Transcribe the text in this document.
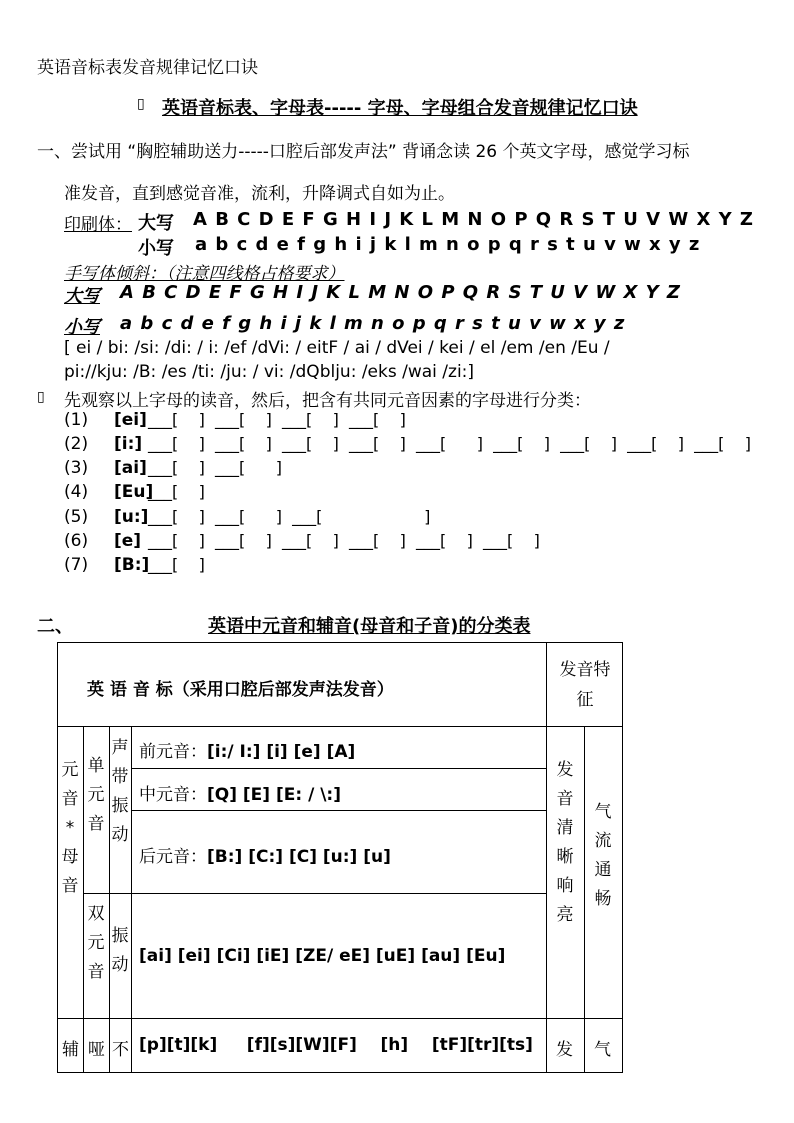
英语音标表发音规律记忆口诀
▯ 英语音标表、字母表----- 字母、字母组合发音规律记忆口诀
一、尝试用 “胸腔辅助送力-----口腔后部发声法” 背诵念读 26 个英文字母，感觉学习标
准发音，直到感觉音准，流利，升降调式自如为止。
印刷体： 大写 A B C D E F G H I J K L M N O P Q R S T U V W X Y Z
小写 a b c d e f g h i j k l m n o p q r s t u v w x y z
手写体倾斜：（注意四线格占格要求）
大写 A B C D E F G H I J K L M N O P Q R S T U V W X Y Z
小写 a b c d e f g h i j k l m n o p q r s t u v w x y z
[ ei / bi: /si: /di: / i: /ef /dVi: / eitF / ai / dVei / kei / el /em /en /Eu /
pi://kju: /B: /es /ti: /ju: / vi: /dQblju: /eks /wai /zi:]
▯ 先观察以上字母的读音，然后，把含有共同元音因素的字母进行分类：
(1) [ei] ___[    ]  ___[    ]  ___[    ]  ___[    ]
(2) [i:] ___[    ]  ___[    ]  ___[    ]  ___[    ]  ___[      ]  ___[    ]  ___[    ]  ___[    ]  ___[    ]
(3) [ai] ___[    ]  ___[      ]
(4) [Eu]
___[    ]
(5) [u:] ___[    ]  ___[      ]  ___[                    ]
(6) [e] ___[    ]  ___[    ]  ___[    ]  ___[    ]  ___[    ]  ___[    ]
(7) [B:]
___[    ]
二、	英语中元音和辅音(母音和子音)的分类表
英 语 音 标（采用口腔后部发声法发音）
发音特征
元音*母音
单元音
双元音
声带振动
振动
前元音：[i:/ I:] [i] [e] [A]
中元音：[Q] [E] [E: / \:]
后元音：[B:] [C:] [C] [u:] [u]
[ai] [ei] [Ci] [iE] [ZE/ eE] [uE] [au] [Eu]
发音清晰响亮
气流通畅
辅 哑 不 [p][t][k]     [f][s][W][F]    [h]    [tF][tr][ts] 发 气
